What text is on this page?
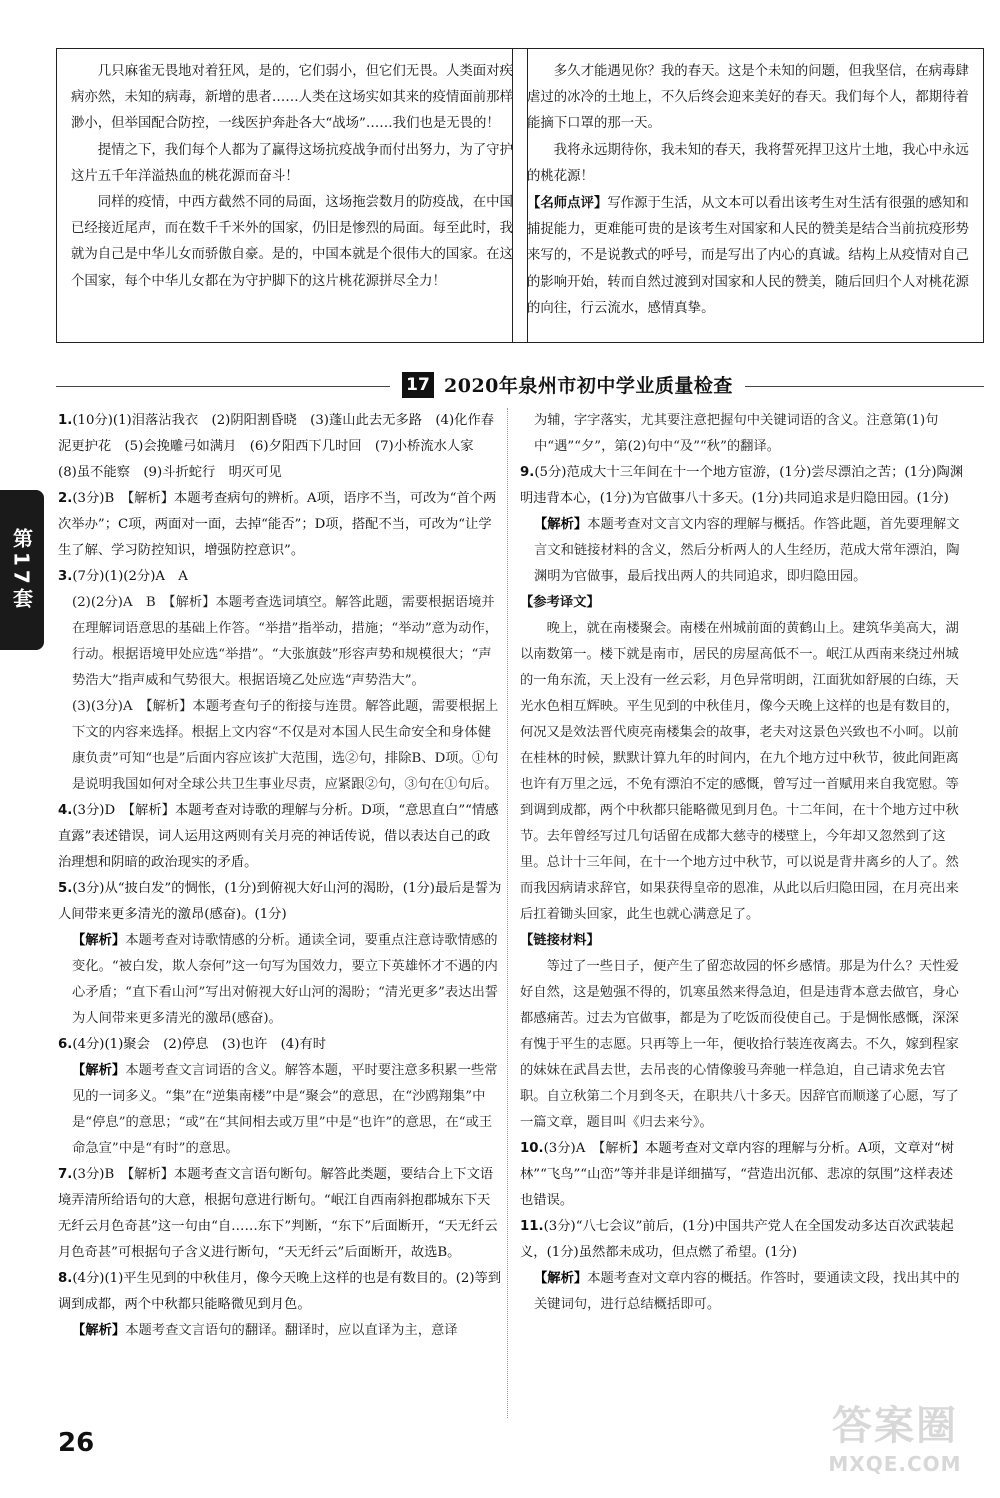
几只麻雀无畏地对着狂风，是的，它们弱小，但它们无畏。人类面对疾病亦然，未知的病毒，新增的患者……人类在这场实如其来的疫情面前那样渺小，但举国配合防控，一线医护奔赴各大“战场”……我们也是无畏的！

提情之下，我们每个人都为了赢得这场抗疫战争而付出努力，为了守护这片五千年洋溢热血的桃花源而奋斗！

同样的疫情，中西方截然不同的局面，这场拖尝数月的防疫战，在中国已经接近尾声，而在数千千米外的国家，仍旧是惨烈的局面。每至此时，我就为自己是中华儿女而骄傲自豪。是的，中国本就是个很伟大的国家。在这个国家，每个中华儿女都在为守护脚下的这片桃花源拼尽全力！

多久才能遇见你？我的春天。这是个未知的问题，但我坚信，在病毒肆虐过的冰冷的土地上，不久后终会迎来美好的春天。我们每个人，都期待着能摘下口罩的那一天。

我将永远期待你，我未知的春天，我将誓死捍卫这片土地，我心中永远的桃花源！

【名师点评】写作源于生活，从文本可以看出该考生对生活有很强的感知和捕捉能力，更难能可贵的是该考生对国家和人民的赞美是结合当前抗疫形势来写的，不是说教式的呼号，而是写出了内心的真诚。结构上从疫情对自己的影响开始，转而自然过渡到对国家和人民的赞美，随后回归个人对桃花源的向往，行云流水，感情真挚。

17 2020年泉州市初中学业质量检查
第17套

1.(10分)(1)泪落沾我衣　(2)阴阳割昏晓　(3)蓬山此去无多路　(4)化作春泥更护花　(5)会挽雕弓如满月　(6)夕阳西下几时回　(7)小桥流水人家　(8)虽不能察　(9)斗折蛇行　明灭可见

2.(3分)B　【解析】本题考查病句的辨析。A项，语序不当，可改为“首个两次举办”；C项，两面对一面，去掉“能否”；D项，搭配不当，可改为“让学生了解、学习防控知识，增强防控意识”。

3.(7分)(1)(2分)A　A

(2)(2分)A　B　【解析】本题考查选词填空。解答此题，需要根据语境并在理解词语意思的基础上作答。“举措”指举动，措施；“举动”意为动作，行动。根据语境甲处应选“举措”。“大张旗鼓”形容声势和规模很大；“声势浩大”指声威和气势很大。根据语境乙处应选“声势浩大”。

(3)(3分)A　【解析】本题考查句子的衔接与连贯。解答此题，需要根据上下文的内容来选择。根据上文内容“不仅是对本国人民生命安全和身体健康负责”可知“也是”后面内容应该扩大范围，选②句，排除B、D项。①句是说明我国如何对全球公共卫生事业尽责，应紧跟②句，③句在①句后。

4.(3分)D　【解析】本题考查对诗歌的理解与分析。D项，“意思直白”“情感直露”表述错误，词人运用这两则有关月亮的神话传说，借以表达自己的政治理想和阴暗的政治现实的矛盾。

5.(3分)从“披白发”的惆怅，(1分)到俯视大好山河的渴盼，(1分)最后是誓为人间带来更多清光的激昂(感奋)。(1分)

【解析】本题考查对诗歌情感的分析。通读全词，要重点注意诗歌情感的变化。“被白发，欺人奈何”这一句写为国效力，要立下英雄怀才不遇的内心矛盾；“直下看山河”写出对俯视大好山河的渴盼；“清光更多”表达出誓为人间带来更多清光的激昂(感奋)。

6.(4分)(1)聚会　(2)停息　(3)也许　(4)有时

【解析】本题考查文言词语的含义。解答本题，平时要注意多积累一些常见的一词多义。“集”在“逆集南楼”中是“聚会”的意思，在“沙鸥翔集”中是“停息”的意思；“或”在“其间相去或万里”中是“也许”的意思，在“或王命急宣”中是“有时”的意思。

7.(3分)B　【解析】本题考查文言语句断句。解答此类题，要结合上下文语境弄清所给语句的大意，根据句意进行断句。“岷江自西南斜抱郡城东下天无纤云月色奇甚”这一句由“自……东下”判断，“东下”后面断开，“天无纤云月色奇甚”可根据句子含义进行断句，“天无纤云”后面断开，故选B。

8.(4分)(1)平生见到的中秋佳月，像今天晚上这样的也是有数目的。(2)等到调到成都，两个中秋都只能略微见到月色。

【解析】本题考查文言语句的翻译。翻译时，应以直译为主，意译

为辅，字字落实，尤其要注意把握句中关键词语的含义。注意第(1)句中“遇”“夕”，第(2)句中“及”“秋”的翻译。

9.(5分)范成大十三年间在十一个地方宦游，(1分)尝尽漂泊之苦；(1分)陶渊明违背本心，(1分)为官做事八十多天。(1分)共同追求是归隐田园。(1分)

【解析】本题考查对文言文内容的理解与概括。作答此题，首先要理解文言文和链接材料的含义，然后分析两人的人生经历，范成大常年漂泊，陶渊明为官做事，最后找出两人的共同追求，即归隐田园。

【参考译文】

晚上，就在南楼聚会。南楼在州城前面的黄鹤山上。建筑华美高大，湖以南数第一。楼下就是南市，居民的房屋高低不一。岷江从西南来绕过州城的一角东流，天上没有一丝云彩，月色异常明朗，江面犹如舒展的白练，天光水色相互辉映。平生见到的中秋佳月，像今天晚上这样的也是有数目的，何况又是效法晋代庾亮南楼集会的故事，老夫对这景色兴致也不小呵。以前在桂林的时候，默默计算九年的时间内，在九个地方过中秋节，彼此间距离也许有万里之远，不免有漂泊不定的感慨，曾写过一首赋用来自我宽慰。等到调到成都，两个中秋都只能略微见到月色。十二年间，在十个地方过中秋节。去年曾经写过几句话留在成都大慈寺的楼壁上，今年却又忽然到了这里。总计十三年间，在十一个地方过中秋节，可以说是背井离乡的人了。然而我因病请求辞官，如果获得皇帝的恩准，从此以后归隐田园，在月亮出来后扛着锄头回家，此生也就心满意足了。

【链接材料】

等过了一些日子，便产生了留恋故园的怀乡感情。那是为什么？天性爱好自然，这是勉强不得的，饥寒虽然来得急迫，但是违背本意去做官，身心都感痛苦。过去为官做事，都是为了吃饭而役使自己。于是惆怅感慨，深深有愧于平生的志愿。只再等上一年，便收拾行装连夜离去。不久，嫁到程家的妹妹在武昌去世，去吊丧的心情像骏马奔驰一样急迫，自己请求免去官职。自立秋第二个月到冬天，在职共八十多天。因辞官而顺遂了心愿，写了一篇文章，题目叫《归去来兮》。

10.(3分)A　【解析】本题考查对文章内容的理解与分析。A项，文章对“树林”“飞鸟”“山峦”等并非是详细描写，“营造出沉郁、悲凉的氛围”这样表述也错误。

11.(3分)“八七会议”前后，(1分)中国共产党人在全国发动多达百次武装起义，(1分)虽然都未成功，但点燃了希望。(1分)

【解析】本题考查对文章内容的概括。作答时，要通读文段，找出其中的关键词句，进行总结概括即可。

26	答案圈
MXQE.COM
